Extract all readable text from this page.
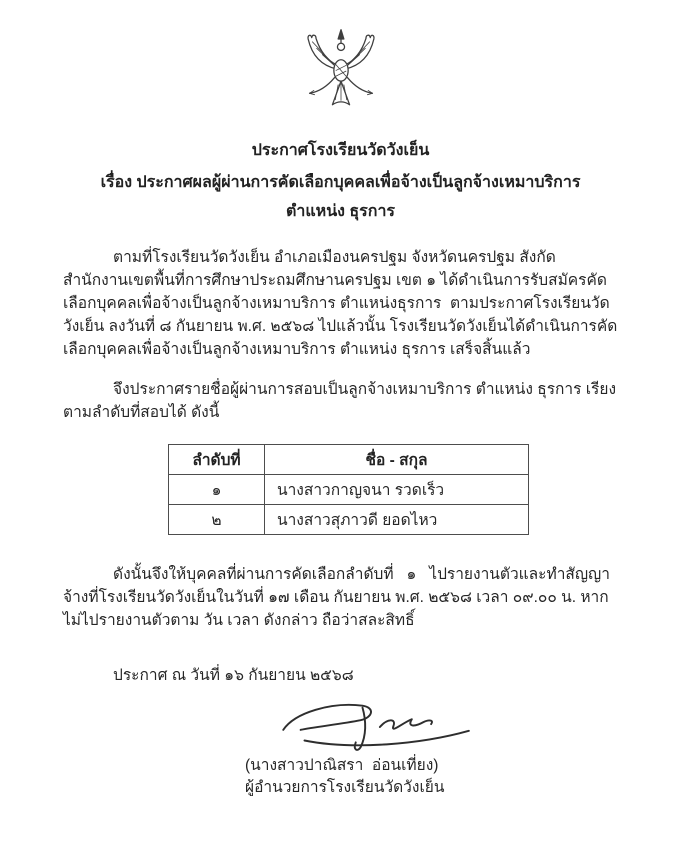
ประกาศโรงเรียนวัดวังเย็น
เรื่อง ประกาศผลผู้ผ่านการคัดเลือกบุคคลเพื่อจ้างเป็นลูกจ้างเหมาบริการ
ตำแหน่ง ธุรการ

ตามที่โรงเรียนวัดวังเย็น อำเภอเมืองนครปฐม จังหวัดนครปฐม สังกัดสำนักงานเขตพื้นที่การศึกษาประถมศึกษานครปฐม เขต ๑ ได้ดำเนินการรับสมัครคัดเลือกบุคคลเพื่อจ้างเป็นลูกจ้างเหมาบริการ ตำแหน่งธุรการ  ตามประกาศโรงเรียนวัดวังเย็น ลงวันที่ ๘ กันยายน พ.ศ. ๒๕๖๘ ไปแล้วนั้น โรงเรียนวัดวังเย็นได้ดำเนินการคัดเลือกบุคคลเพื่อจ้างเป็นลูกจ้างเหมาบริการ ตำแหน่ง ธุรการ เสร็จสิ้นแล้ว

จึงประกาศรายชื่อผู้ผ่านการสอบเป็นลูกจ้างเหมาบริการ ตำแหน่ง ธุรการ เรียงตามลำดับที่สอบได้ ดังนี้

ลำดับที่	ชื่อ - สกุล
๑	นางสาวกาญจนา รวดเร็ว
๒	นางสาวสุภาวดี ยอดไหว

ดังนั้นจึงให้บุคคลที่ผ่านการคัดเลือกลำดับที่   ๑   ไปรายงานตัวและทำสัญญาจ้างที่โรงเรียนวัดวังเย็นในวันที่ ๑๗ เดือน กันยายน พ.ศ. ๒๕๖๘ เวลา ๐๙.๐๐ น. หากไม่ไปรายงานตัวตาม วัน เวลา ดังกล่าว ถือว่าสละสิทธิ์

ประกาศ ณ วันที่ ๑๖ กันยายน ๒๕๖๘
(นางสาวปาณิสรา  อ่อนเที่ยง)
ผู้อำนวยการโรงเรียนวัดวังเย็น
